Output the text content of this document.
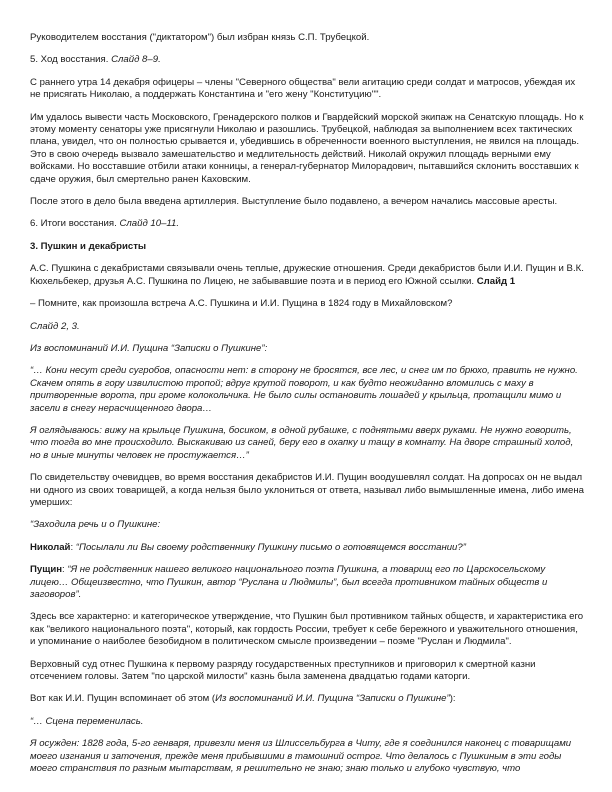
Руководителем восстания ("диктатором") был избран князь С.П. Трубецкой.

5. Ход восстания. Слайд 8–9.

С раннего утра 14 декабря офицеры – члены "Северного общества" вели агитацию среди солдат и матросов, убеждая их не присягать Николаю, а поддержать Константина и "его жену "Конституцию"".

Им удалось вывести часть Московского, Гренадерского полков и Гвардейский морской экипаж на Сенатскую площадь. Но к этому моменту сенаторы уже присягнули Николаю и разошлись. Трубецкой, наблюдая за выполнением всех тактических плана, увидел, что он полностью срывается и, убедившись в обреченности военного выступления, не явился на площадь. Это в свою очередь вызвало замешательство и медлительность действий. Николай окружил площадь верными ему войсками. Но восставшие отбили атаки конницы, а генерал-губернатор Милорадович, пытавшийся склонить восставших к сдаче оружия, был смертельно ранен Каховским.

После этого в дело была введена артиллерия. Выступление было подавлено, а вечером начались массовые аресты.

6. Итоги восстания. Слайд 10–11.

3. Пушкин и декабристы

А.С. Пушкина с декабристами связывали очень теплые, дружеские отношения. Среди декабристов были И.И. Пущин и В.К. Кюхельбекер, друзья А.С. Пушкина по Лицею, не забывавшие поэта и в период его Южной ссылки. Слайд 1

– Помните, как произошла встреча А.С. Пушкина и И.И. Пущина в 1824 году в Михайловском?

Слайд 2, 3.

Из воспоминаний И.И. Пущина “Записки о Пушкине”:

“… Кони несут среди сугробов, опасности нет: в сторону не бросятся, все лес, и снег им по брюхо, править не нужно. Скачем опять в гору извилистою тропой; вдруг крутой поворот, и как будто неожиданно вломились с маху в притворенные ворота, при громе колокольчика. Не было силы остановить лошадей у крыльца, протащили мимо и засели в снегу нерасчищенного двора…

Я оглядываюсь: вижу на крыльце Пушкина, босиком, в одной рубашке, с поднятыми вверх руками. Не нужно говорить, что тогда во мне происходило. Выскакиваю из саней, беру его в охапку и тащу в комнату. На дворе страшный холод, но в иные минуты человек не простужается…”

По свидетельству очевидцев, во время восстания декабристов И.И. Пущин воодушевлял солдат. На допросах он не выдал ни одного из своих товарищей, а когда нельзя было уклониться от ответа, называл либо вымышленные имена, либо имена умерших:

“Заходила речь и о Пушкине:

Николай: “Посылали ли Вы своему родственнику Пушкину письмо о готовящемся восстании?”

Пущин: “Я не родственник нашего великого национального поэта Пушкина, а товарищ его по Царскосельскому лицею… Общеизвестно, что Пушкин, автор “Руслана и Людмилы”, был всегда противником тайных обществ и заговоров”.

Здесь все характерно: и категорическое утверждение, что Пушкин был противником тайных обществ, и характеристика его как "великого национального поэта", который, как гордость России, требует к себе бережного и уважительного отношения, и упоминание о наиболее безобидном в политическом смысле произведении – поэме "Руслан и Людмила".

Верховный суд отнес Пушкина к первому разряду государственных преступников и приговорил к смертной казни отсечением головы. Затем "по царской милости" казнь была заменена двадцатью годами каторги.

Вот как И.И. Пущин вспоминает об этом (Из воспоминаний И.И. Пущина “Записки о Пушкине”):

“… Сцена переменилась.

Я осужден: 1828 года, 5-го генваря, привезли меня из Шлиссельбурга в Читу, где я соединился наконец с товарищами моего изгнания и заточения, прежде меня прибывшими в тамошний острог. Что делалось с Пушкиным в эти годы моего странствия по разным мытарствам, я решительно не знаю; знаю только и глубоко чувствую, что
